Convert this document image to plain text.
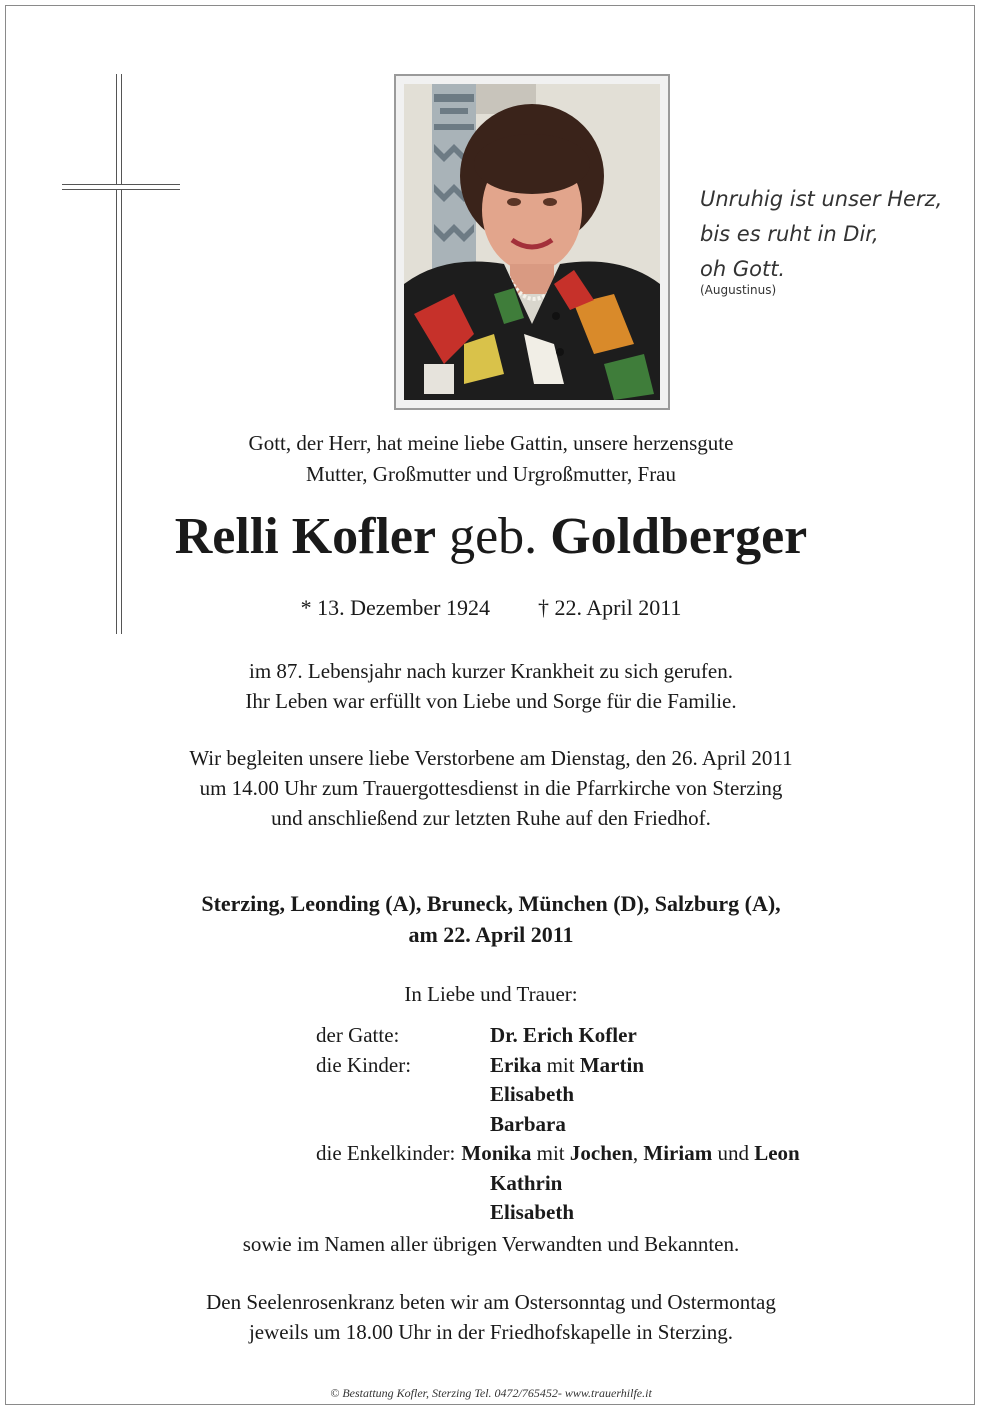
Unruhig ist unser Herz,
bis es ruht in Dir,
oh Gott.
(Augustinus)
Gott, der Herr, hat meine liebe Gattin, unsere herzensgute
Mutter, Großmutter und Urgroßmutter, Frau
Relli Kofler geb. Goldberger
* 13. Dezember 1924 † 22. April 2011
im 87. Lebensjahr nach kurzer Krankheit zu sich gerufen.
Ihr Leben war erfüllt von Liebe und Sorge für die Familie.
Wir begleiten unsere liebe Verstorbene am Dienstag, den 26. April 2011
um 14.00 Uhr zum Trauergottesdienst in die Pfarrkirche von Sterzing
und anschließend zur letzten Ruhe auf den Friedhof.
Sterzing, Leonding (A), Bruneck, München (D), Salzburg (A),
am 22. April 2011
In Liebe und Trauer:
der Gatte:	Dr. Erich Kofler
die Kinder:	Erika mit Martin
Elisabeth
Barbara
die Enkelkinder: Monika mit Jochen, Miriam und Leon
Kathrin
Elisabeth
sowie im Namen aller übrigen Verwandten und Bekannten.
Den Seelenrosenkranz beten wir am Ostersonntag und Ostermontag
jeweils um 18.00 Uhr in der Friedhofskapelle in Sterzing.
© Bestattung Kofler, Sterzing Tel. 0472/765452- www.trauerhilfe.it
